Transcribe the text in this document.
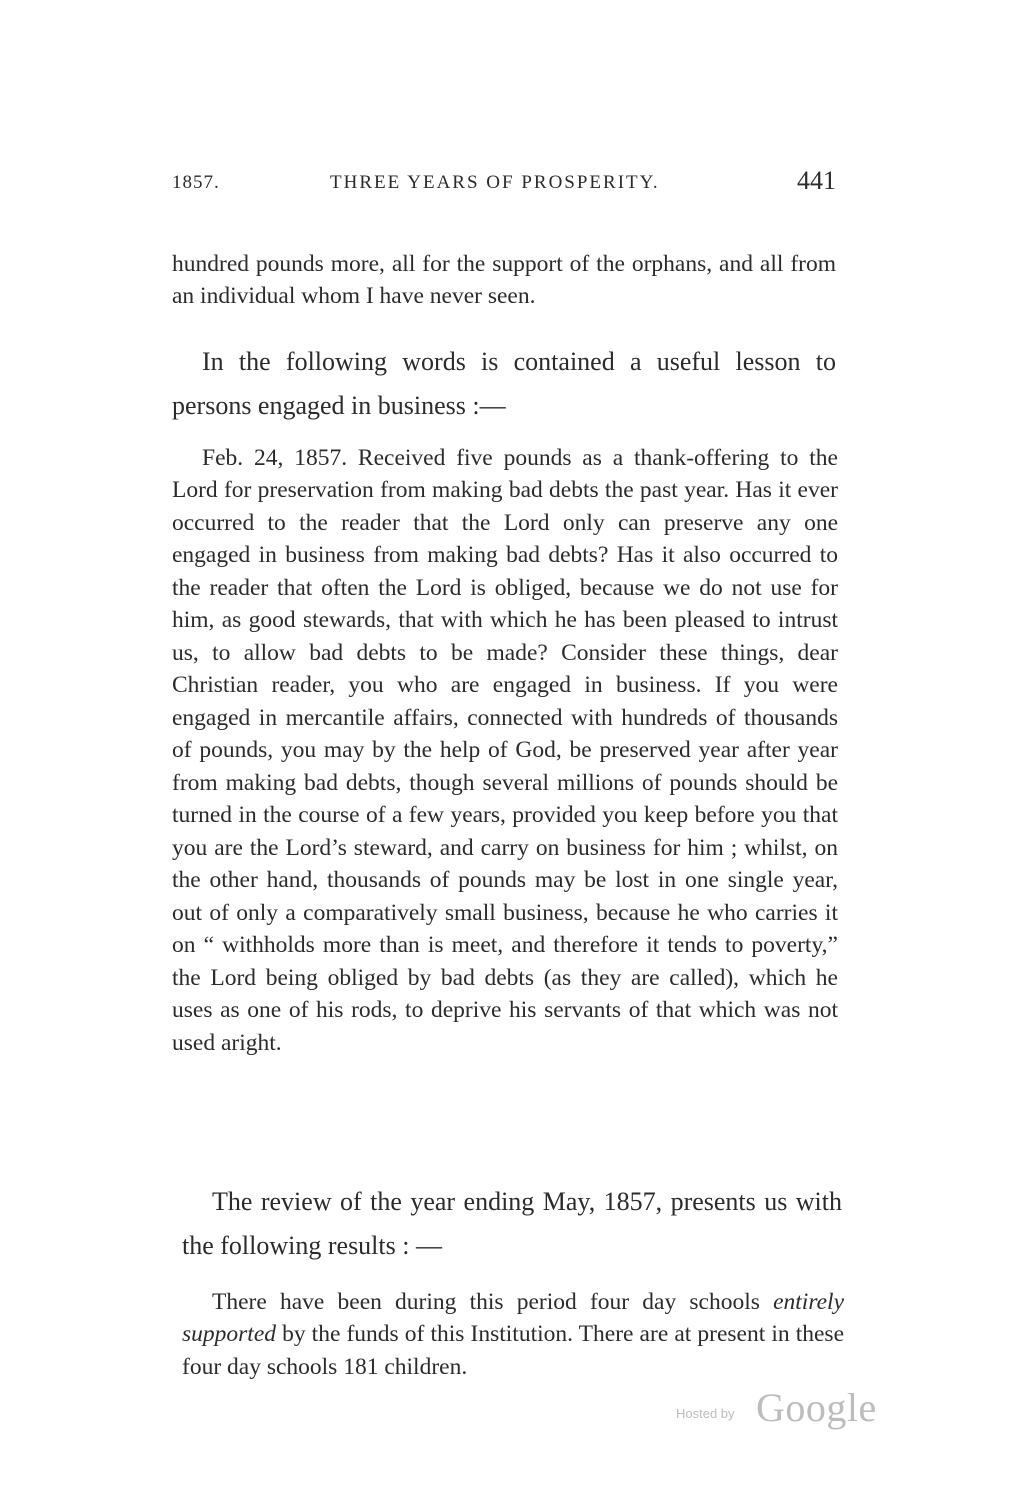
1857.	THREE YEARS OF PROSPERITY.	441

hundred pounds more, all for the support of the orphans, and all from an individual whom I have never seen.

In the following words is contained a useful lesson to persons engaged in business :—

Feb. 24, 1857. Received five pounds as a thank-offering to the Lord for preservation from making bad debts the past year. Has it ever occurred to the reader that the Lord only can preserve any one engaged in business from making bad debts? Has it also occurred to the reader that often the Lord is obliged, because we do not use for him, as good stewards, that with which he has been pleased to intrust us, to allow bad debts to be made? Consider these things, dear Christian reader, you who are engaged in business. If you were engaged in mercantile affairs, connected with hundreds of thousands of pounds, you may by the help of God, be preserved year after year from making bad debts, though several millions of pounds should be turned in the course of a few years, provided you keep before you that you are the Lord’s steward, and carry on business for him ; whilst, on the other hand, thousands of pounds may be lost in one single year, out of only a comparatively small business, because he who carries it on “ withholds more than is meet, and therefore it tends to poverty,” the Lord being obliged by bad debts (as they are called), which he uses as one of his rods, to deprive his servants of that which was not used aright.

The review of the year ending May, 1857, presents us with the following results : —

There have been during this period four day schools entirely supported by the funds of this Institution. There are at present in these four day schools 181 children.

Hosted by Google
